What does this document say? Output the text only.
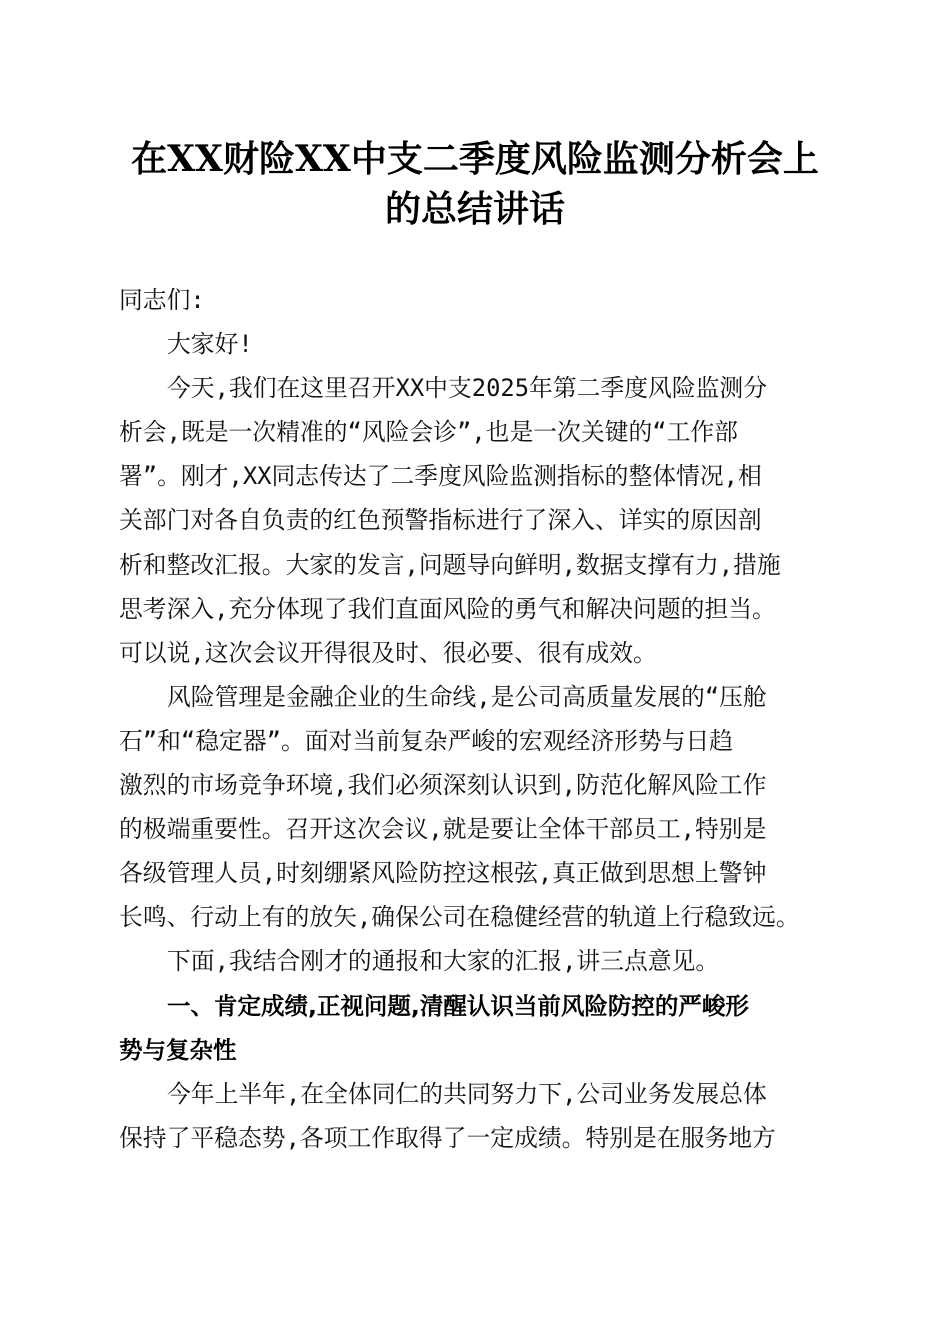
在XX财险XX中支二季度风险监测分析会上
的总结讲话

同志们:

大家好!

今天,我们在这里召开XX中支2025年第二季度风险监测分

析会,既是一次精准的“风险会诊”,也是一次关键的“工作部

署”。刚才,XX同志传达了二季度风险监测指标的整体情况,相

关部门对各自负责的红色预警指标进行了深入、详实的原因剖

析和整改汇报。大家的发言,问题导向鲜明,数据支撑有力,措施

思考深入,充分体现了我们直面风险的勇气和解决问题的担当。

可以说,这次会议开得很及时、很必要、很有成效。

风险管理是金融企业的生命线,是公司高质量发展的“压舱

石”和“稳定器”。面对当前复杂严峻的宏观经济形势与日趋

激烈的市场竞争环境,我们必须深刻认识到,防范化解风险工作

的极端重要性。召开这次会议,就是要让全体干部员工,特别是

各级管理人员,时刻绷紧风险防控这根弦,真正做到思想上警钟

长鸣、行动上有的放矢,确保公司在稳健经营的轨道上行稳致远。

下面,我结合刚才的通报和大家的汇报,讲三点意见。

一、肯定成绩,正视问题,清醒认识当前风险防控的严峻形

势与复杂性

今年上半年,在全体同仁的共同努力下,公司业务发展总体

保持了平稳态势,各项工作取得了一定成绩。特别是在服务地方
